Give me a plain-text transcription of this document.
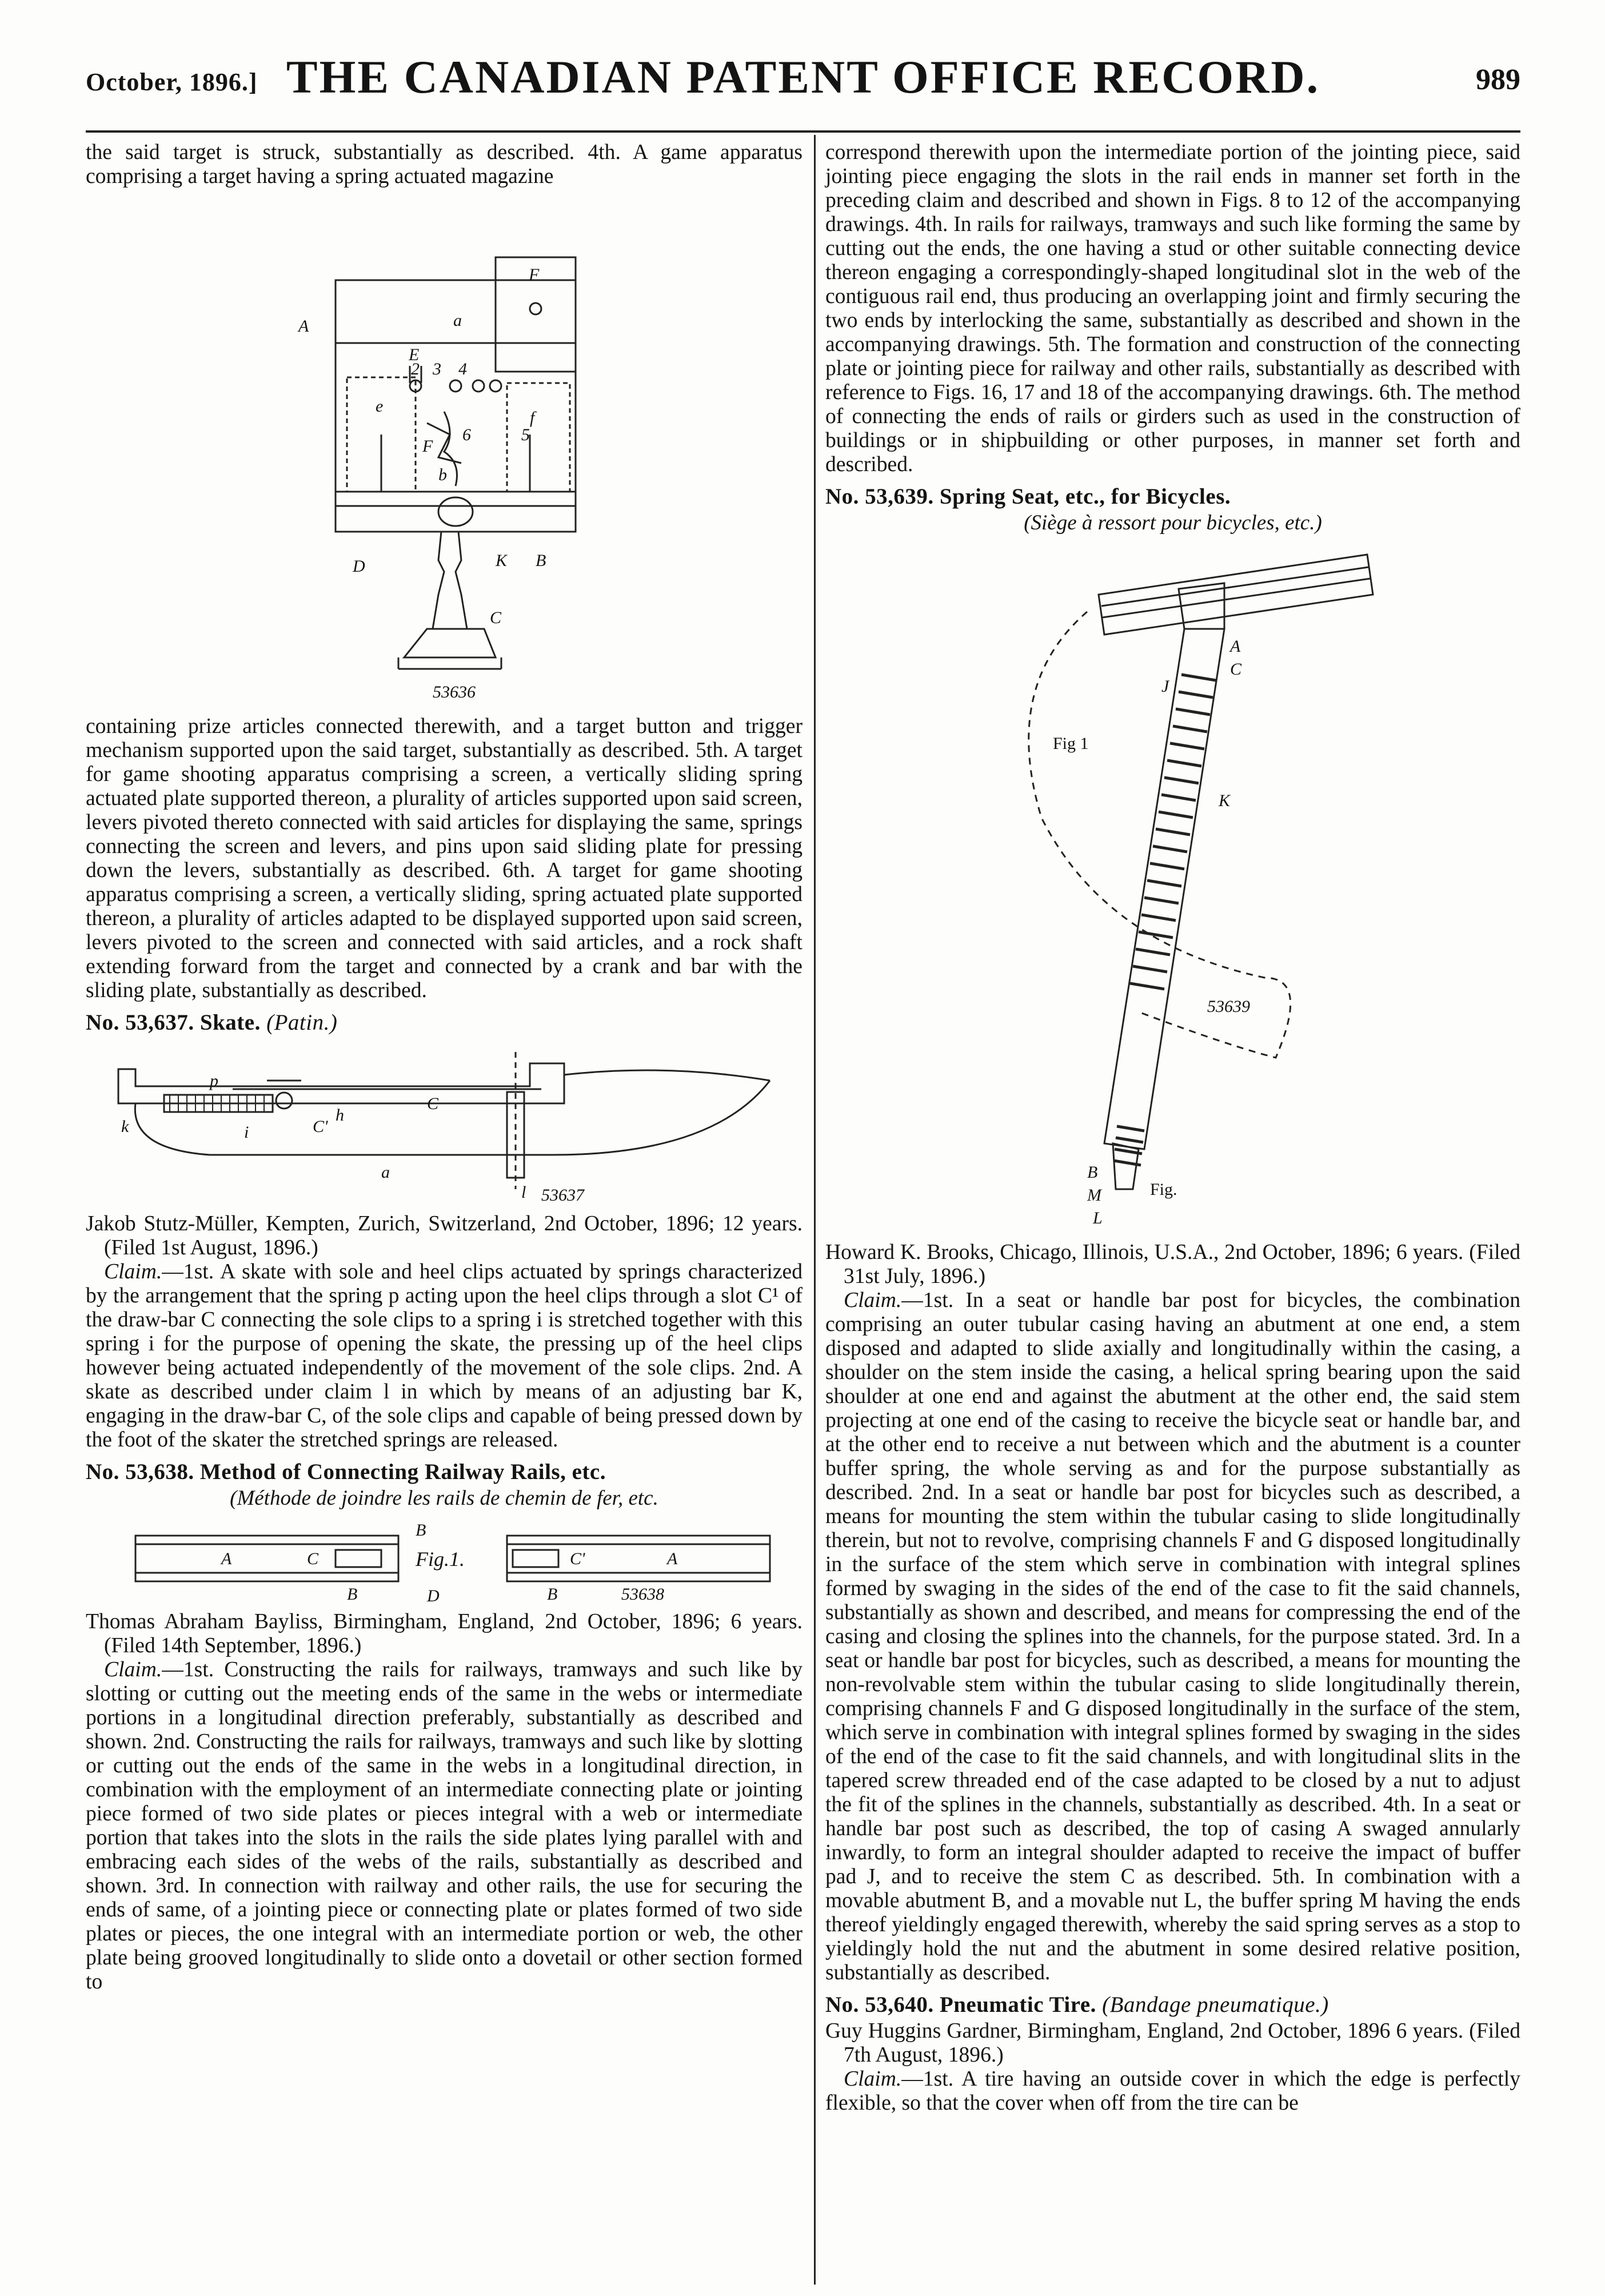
October, 1896.] THE CANADIAN PATENT OFFICE RECORD.	989

the said target is struck, substantially as described. 4th. A game apparatus comprising a target having a spring actuated magazine

A
E
F
a
e
f
D	K B
C
2 3 4
5
6
b
F
53636

containing prize articles connected therewith, and a target button and trigger mechanism supported upon the said target, substantially as described. 5th. A target for game shooting apparatus comprising a screen, a vertically sliding spring actuated plate supported thereon, a plurality of articles supported upon said screen, levers pivoted thereto connected with said articles for displaying the same, springs connecting the screen and levers, and pins upon said sliding plate for pressing down the levers, substantially as described. 6th. A target for game shooting apparatus comprising a screen, a vertically sliding, spring actuated plate supported thereon, a plurality of articles adapted to be displayed supported upon said screen, levers pivoted to the screen and connected with said articles, and a rock shaft extending forward from the target and connected by a crank and bar with the sliding plate, substantially as described.

No. 53,637. Skate. (Patin.)
p
C
i	C'
k
h
a
l 53637

Jakob Stutz-Müller, Kempten, Zurich, Switzerland, 2nd October, 1896; 12 years. (Filed 1st August, 1896.)

Claim.—1st. A skate with sole and heel clips actuated by springs characterized by the arrangement that the spring p acting upon the heel clips through a slot C¹ of the draw-bar C connecting the sole clips to a spring i is stretched together with this spring i for the purpose of opening the skate, the pressing up of the heel clips however being actuated independently of the movement of the sole clips. 2nd. A skate as described under claim l in which by means of an adjusting bar K, engaging in the draw-bar C, of the sole clips and capable of being pressed down by the foot of the skater the stretched springs are released.

No. 53,638. Method of Connecting Railway Rails, etc.
(Méthode de joindre les rails de chemin de fer, etc.
B
A	C	Fig.1.	C'	A
B	D	B	53638

Thomas Abraham Bayliss, Birmingham, England, 2nd October, 1896; 6 years. (Filed 14th September, 1896.)

Claim.—1st. Constructing the rails for railways, tramways and such like by slotting or cutting out the meeting ends of the same in the webs or intermediate portions in a longitudinal direction preferably, substantially as described and shown. 2nd. Constructing the rails for railways, tramways and such like by slotting or cutting out the ends of the same in the webs in a longitudinal direction, in combination with the employment of an intermediate connecting plate or jointing piece formed of two side plates or pieces integral with a web or intermediate portion that takes into the slots in the rails the side plates lying parallel with and embracing each sides of the webs of the rails, substantially as described and shown. 3rd. In connection with railway and other rails, the use for securing the ends of same, of a jointing piece or connecting plate or plates formed of two side plates or pieces, the one integral with an intermediate portion or web, the other plate being grooved longitudinally to slide onto a dovetail or other section formed to

correspond therewith upon the intermediate portion of the jointing piece, said jointing piece engaging the slots in the rail ends in manner set forth in the preceding claim and described and shown in Figs. 8 to 12 of the accompanying drawings. 4th. In rails for railways, tramways and such like forming the same by cutting out the ends, the one having a stud or other suitable connecting device thereon engaging a correspondingly-shaped longitudinal slot in the web of the contiguous rail end, thus producing an overlapping joint and firmly securing the two ends by interlocking the same, substantially as described and shown in the accompanying drawings. 5th. The formation and construction of the connecting plate or jointing piece for railway and other rails, substantially as described with reference to Figs. 16, 17 and 18 of the accompanying drawings. 6th. The method of connecting the ends of rails or girders such as used in the construction of buildings or in shipbuilding or other purposes, in manner set forth and described.

No. 53,639. Spring Seat, etc., for Bicycles.
(Siège à ressort pour bicycles, etc.)
Fig 1
Fig.
A
C
J
K
B
M
L
53639

Howard K. Brooks, Chicago, Illinois, U.S.A., 2nd October, 1896; 6 years. (Filed 31st July, 1896.)

Claim.—1st. In a seat or handle bar post for bicycles, the combination comprising an outer tubular casing having an abutment at one end, a stem disposed and adapted to slide axially and longitudinally within the casing, a shoulder on the stem inside the casing, a helical spring bearing upon the said shoulder at one end and against the abutment at the other end, the said stem projecting at one end of the casing to receive the bicycle seat or handle bar, and at the other end to receive a nut between which and the abutment is a counter buffer spring, the whole serving as and for the purpose substantially as described. 2nd. In a seat or handle bar post for bicycles such as described, a means for mounting the stem within the tubular casing to slide longitudinally therein, but not to revolve, comprising channels F and G disposed longitudinally in the surface of the stem which serve in combination with integral splines formed by swaging in the sides of the end of the case to fit the said channels, substantially as shown and described, and means for compressing the end of the casing and closing the splines into the channels, for the purpose stated. 3rd. In a seat or handle bar post for bicycles, such as described, a means for mounting the non-revolvable stem within the tubular casing to slide longitudinally therein, comprising channels F and G disposed longitudinally in the surface of the stem, which serve in combination with integral splines formed by swaging in the sides of the end of the case to fit the said channels, and with longitudinal slits in the tapered screw threaded end of the case adapted to be closed by a nut to adjust the fit of the splines in the channels, substantially as described. 4th. In a seat or handle bar post such as described, the top of casing A swaged annularly inwardly, to form an integral shoulder adapted to receive the impact of buffer pad J, and to receive the stem C as described. 5th. In combination with a movable abutment B, and a movable nut L, the buffer spring M having the ends thereof yieldingly engaged therewith, whereby the said spring serves as a stop to yieldingly hold the nut and the abutment in some desired relative position, substantially as described.

No. 53,640. Pneumatic Tire. (Bandage pneumatique.)

Guy Huggins Gardner, Birmingham, England, 2nd October, 1896 6 years. (Filed 7th August, 1896.)

Claim.—1st. A tire having an outside cover in which the edge is perfectly flexible, so that the cover when off from the tire can be
